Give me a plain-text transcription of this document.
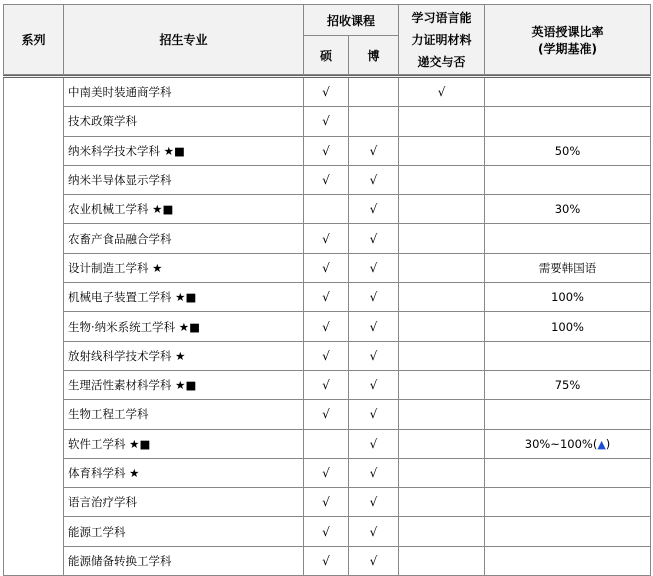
系列	招生专业	招收课程		学习语言能
力证明材料
递交与否	英语授课比率
(学期基准)
		硕	博		

	中南美时装通商学科	√		√	
	技术政策学科	√			
	纳米科学技术学科 ★■	√	√		50%
	纳米半导体显示学科	√	√		
	农业机械工学科 ★■		√		30%
	农畜产食品融合学科	√	√		
	设计制造工学科 ★	√	√		需要韩国语
	机械电子装置工学科 ★■	√	√		100%
	生物·纳米系统工学科 ★■	√	√		100%
	放射线科学技术学科 ★	√	√		
	生理活性素材科学科 ★■	√	√		75%
	生物工程工学科	√	√		
	软件工学科 ★■		√		30%~100%(▲)
	体育科学科 ★	√	√		
	语言治疗学科	√	√		
	能源工学科	√	√		
	能源储备转换工学科	√	√		
